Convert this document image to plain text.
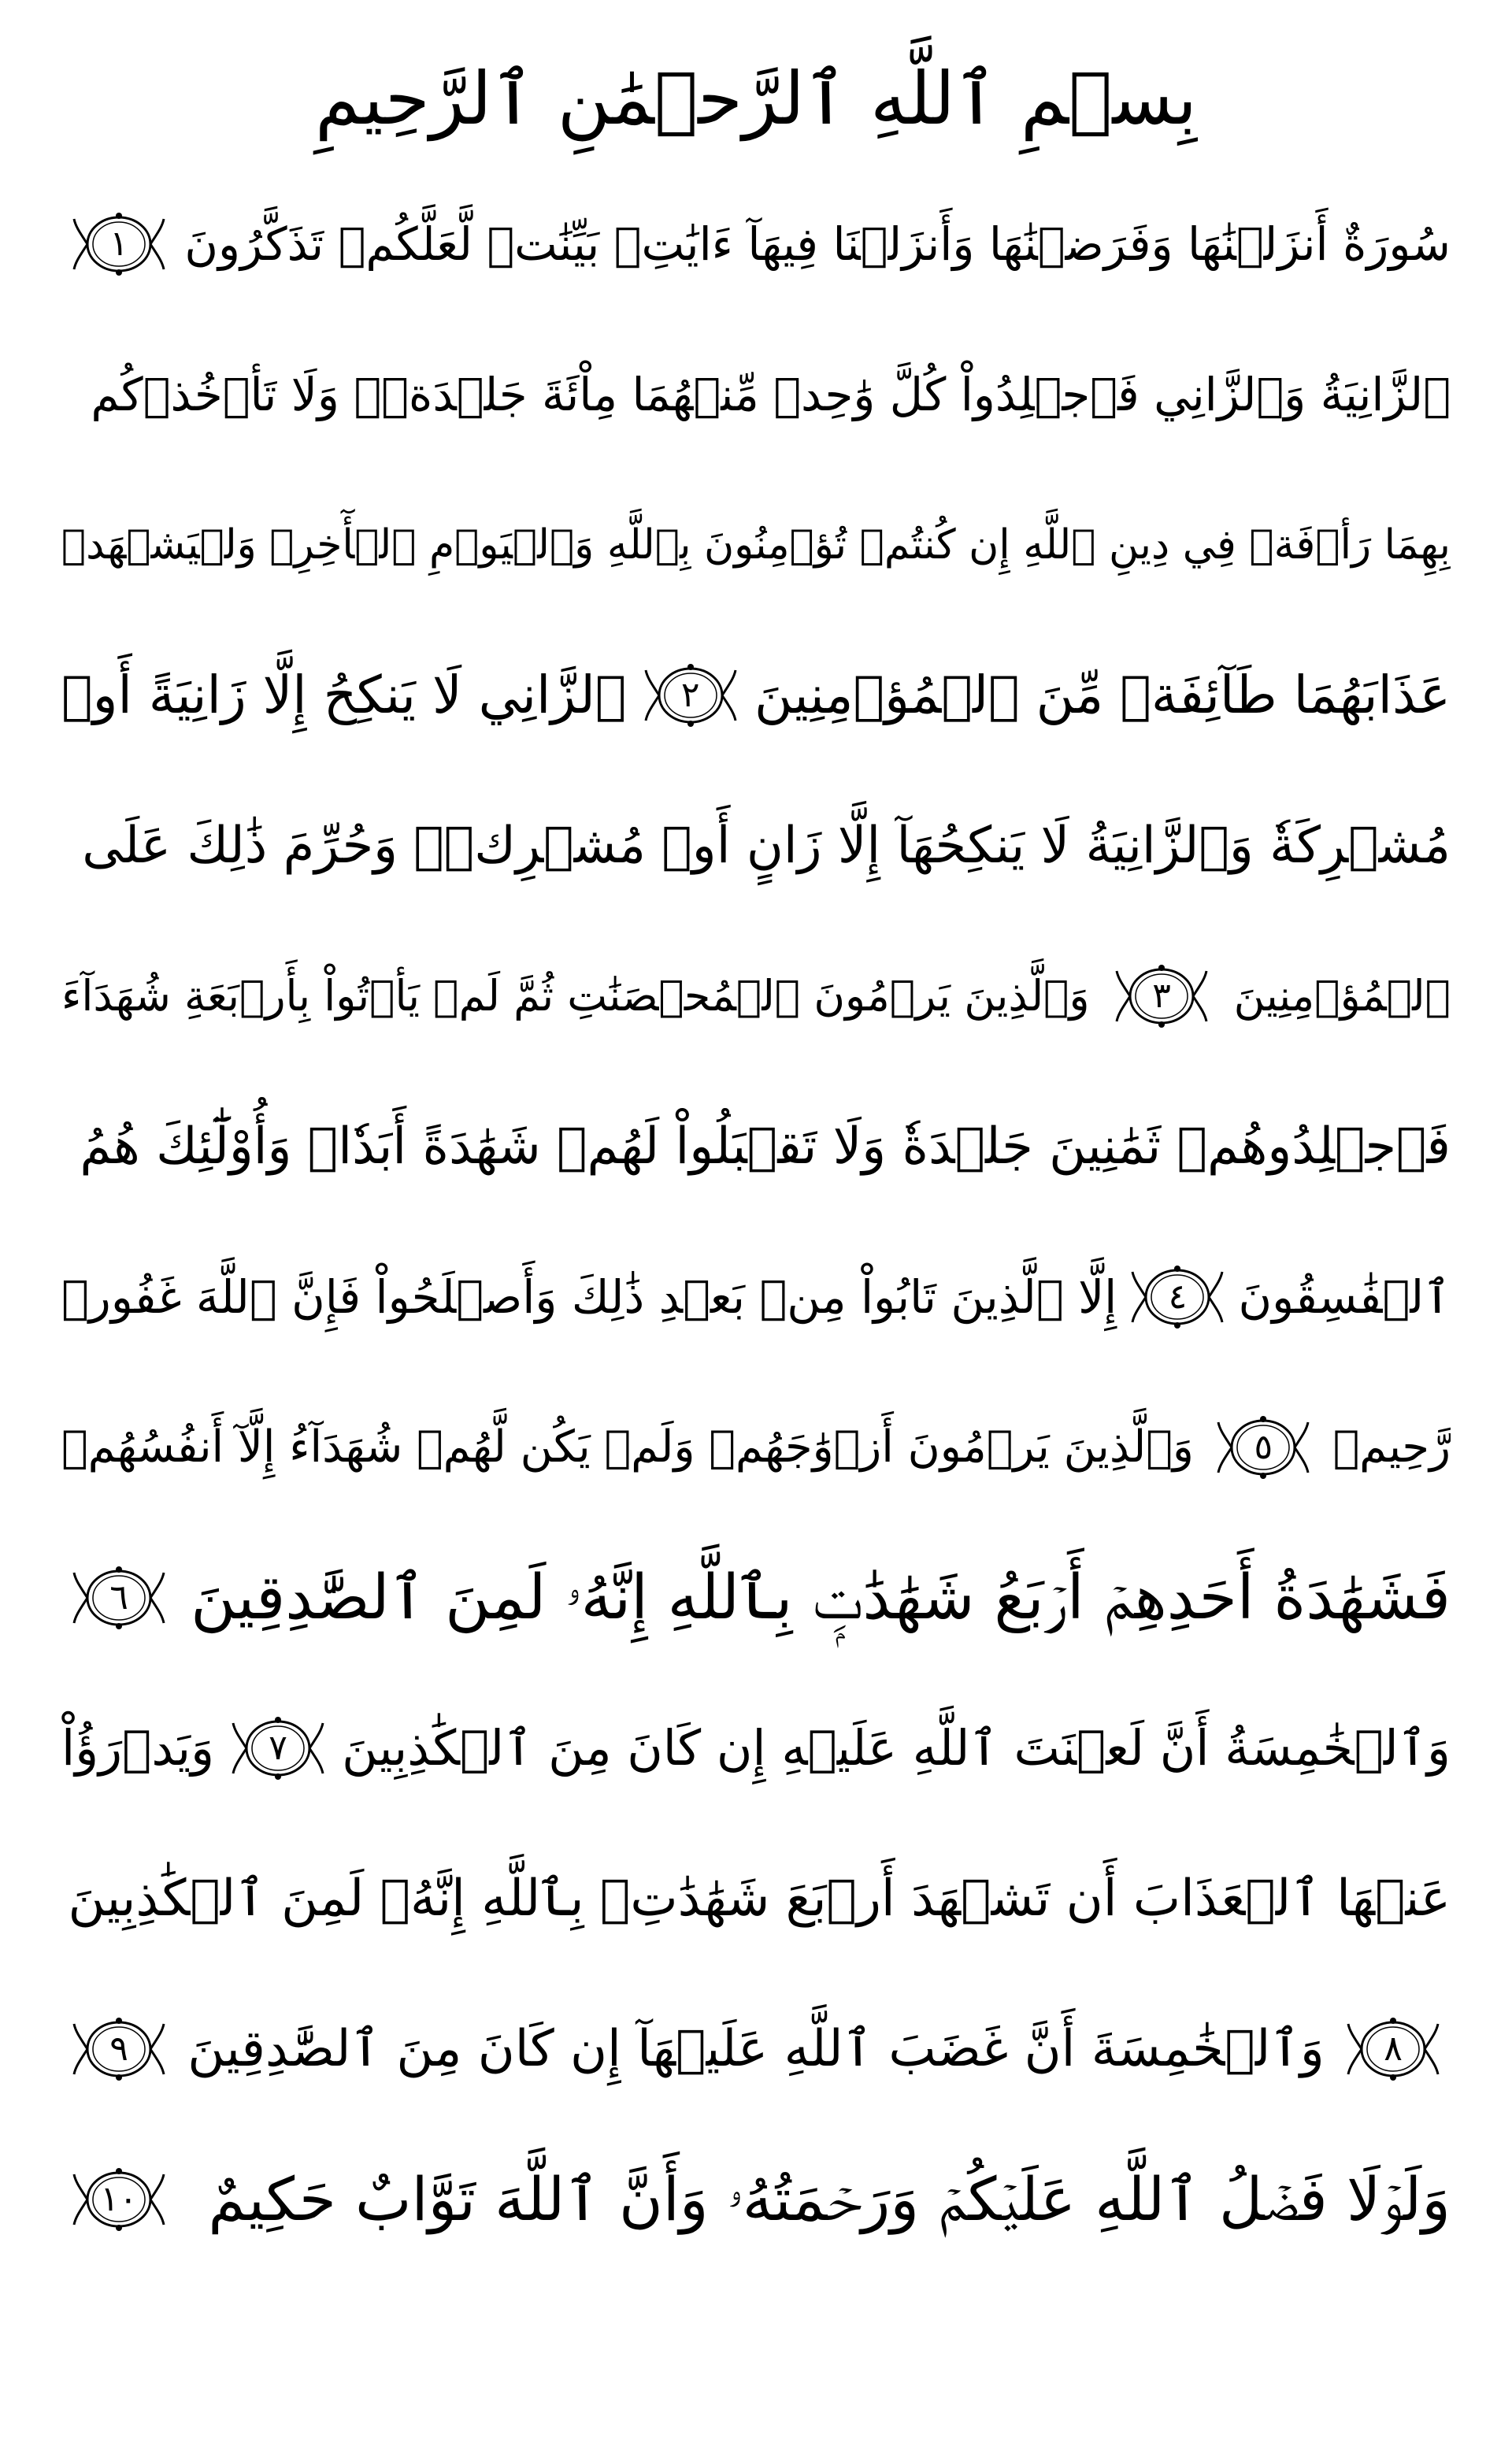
بِسۡمِ ٱللَّهِ ٱلرَّحۡمَٰنِ ٱلرَّحِيمِ
سُورَةٌ أَنزَلۡنَٰهَا وَفَرَضۡنَٰهَا وَأَنزَلۡنَا فِيهَآ ءَايَٰتِۭ بَيِّنَٰتٖ لَّعَلَّكُمۡ تَذَكَّرُونَ
١
ٱلزَّانِيَةُ وَٱلزَّانِي فَٱجۡلِدُواْ كُلَّ وَٰحِدٖ مِّنۡهُمَا مِاْئَةَ جَلۡدَةٖۖ وَلَا تَأۡخُذۡكُم
بِهِمَا رَأۡفَةٞ فِي دِينِ ٱللَّهِ إِن كُنتُمۡ تُؤۡمِنُونَ بِٱللَّهِ وَٱلۡيَوۡمِ ٱلۡأٓخِرِۖ وَلۡيَشۡهَدۡ
عَذَابَهُمَا طَآئِفَةٞ مِّنَ ٱلۡمُؤۡمِنِينَ
٢
ٱلزَّانِي لَا يَنكِحُ إِلَّا زَانِيَةً أَوۡ
مُشۡرِكَةٗ وَٱلزَّانِيَةُ لَا يَنكِحُهَآ إِلَّا زَانٍ أَوۡ مُشۡرِكٞۚ وَحُرِّمَ ذَٰلِكَ عَلَى
ٱلۡمُؤۡمِنِينَ
٣
وَٱلَّذِينَ يَرۡمُونَ ٱلۡمُحۡصَنَٰتِ ثُمَّ لَمۡ يَأۡتُواْ بِأَرۡبَعَةِ شُهَدَآءَ
فَٱجۡلِدُوهُمۡ ثَمَٰنِينَ جَلۡدَةٗ وَلَا تَقۡبَلُواْ لَهُمۡ شَهَٰدَةً أَبَدٗاۚ وَأُوْلَٰٓئِكَ هُمُ
ٱلۡفَٰسِقُونَ
٤
إِلَّا ٱلَّذِينَ تَابُواْ مِنۢ بَعۡدِ ذَٰلِكَ وَأَصۡلَحُواْ فَإِنَّ ٱللَّهَ غَفُورٞ
رَّحِيمٞ
٥
وَٱلَّذِينَ يَرۡمُونَ أَزۡوَٰجَهُمۡ وَلَمۡ يَكُن لَّهُمۡ شُهَدَآءُ إِلَّآ أَنفُسُهُمۡ
فَشَهَٰدَةُ أَحَدِهِمۡ أَرۡبَعُ شَهَٰدَٰتِۭ بِٱللَّهِ إِنَّهُۥ لَمِنَ ٱلصَّٰدِقِينَ
٦
وَٱلۡخَٰمِسَةُ أَنَّ لَعۡنَتَ ٱللَّهِ عَلَيۡهِ إِن كَانَ مِنَ ٱلۡكَٰذِبِينَ
٧
وَيَدۡرَؤُاْ
عَنۡهَا ٱلۡعَذَابَ أَن تَشۡهَدَ أَرۡبَعَ شَهَٰدَٰتِۭ بِٱللَّهِ إِنَّهُۥ لَمِنَ ٱلۡكَٰذِبِينَ
٨
وَٱلۡخَٰمِسَةَ أَنَّ غَضَبَ ٱللَّهِ عَلَيۡهَآ إِن كَانَ مِنَ ٱلصَّٰدِقِينَ
٩
وَلَوۡلَا فَضۡلُ ٱللَّهِ عَلَيۡكُمۡ وَرَحۡمَتُهُۥ وَأَنَّ ٱللَّهَ تَوَّابٌ حَكِيمٌ
١٠
